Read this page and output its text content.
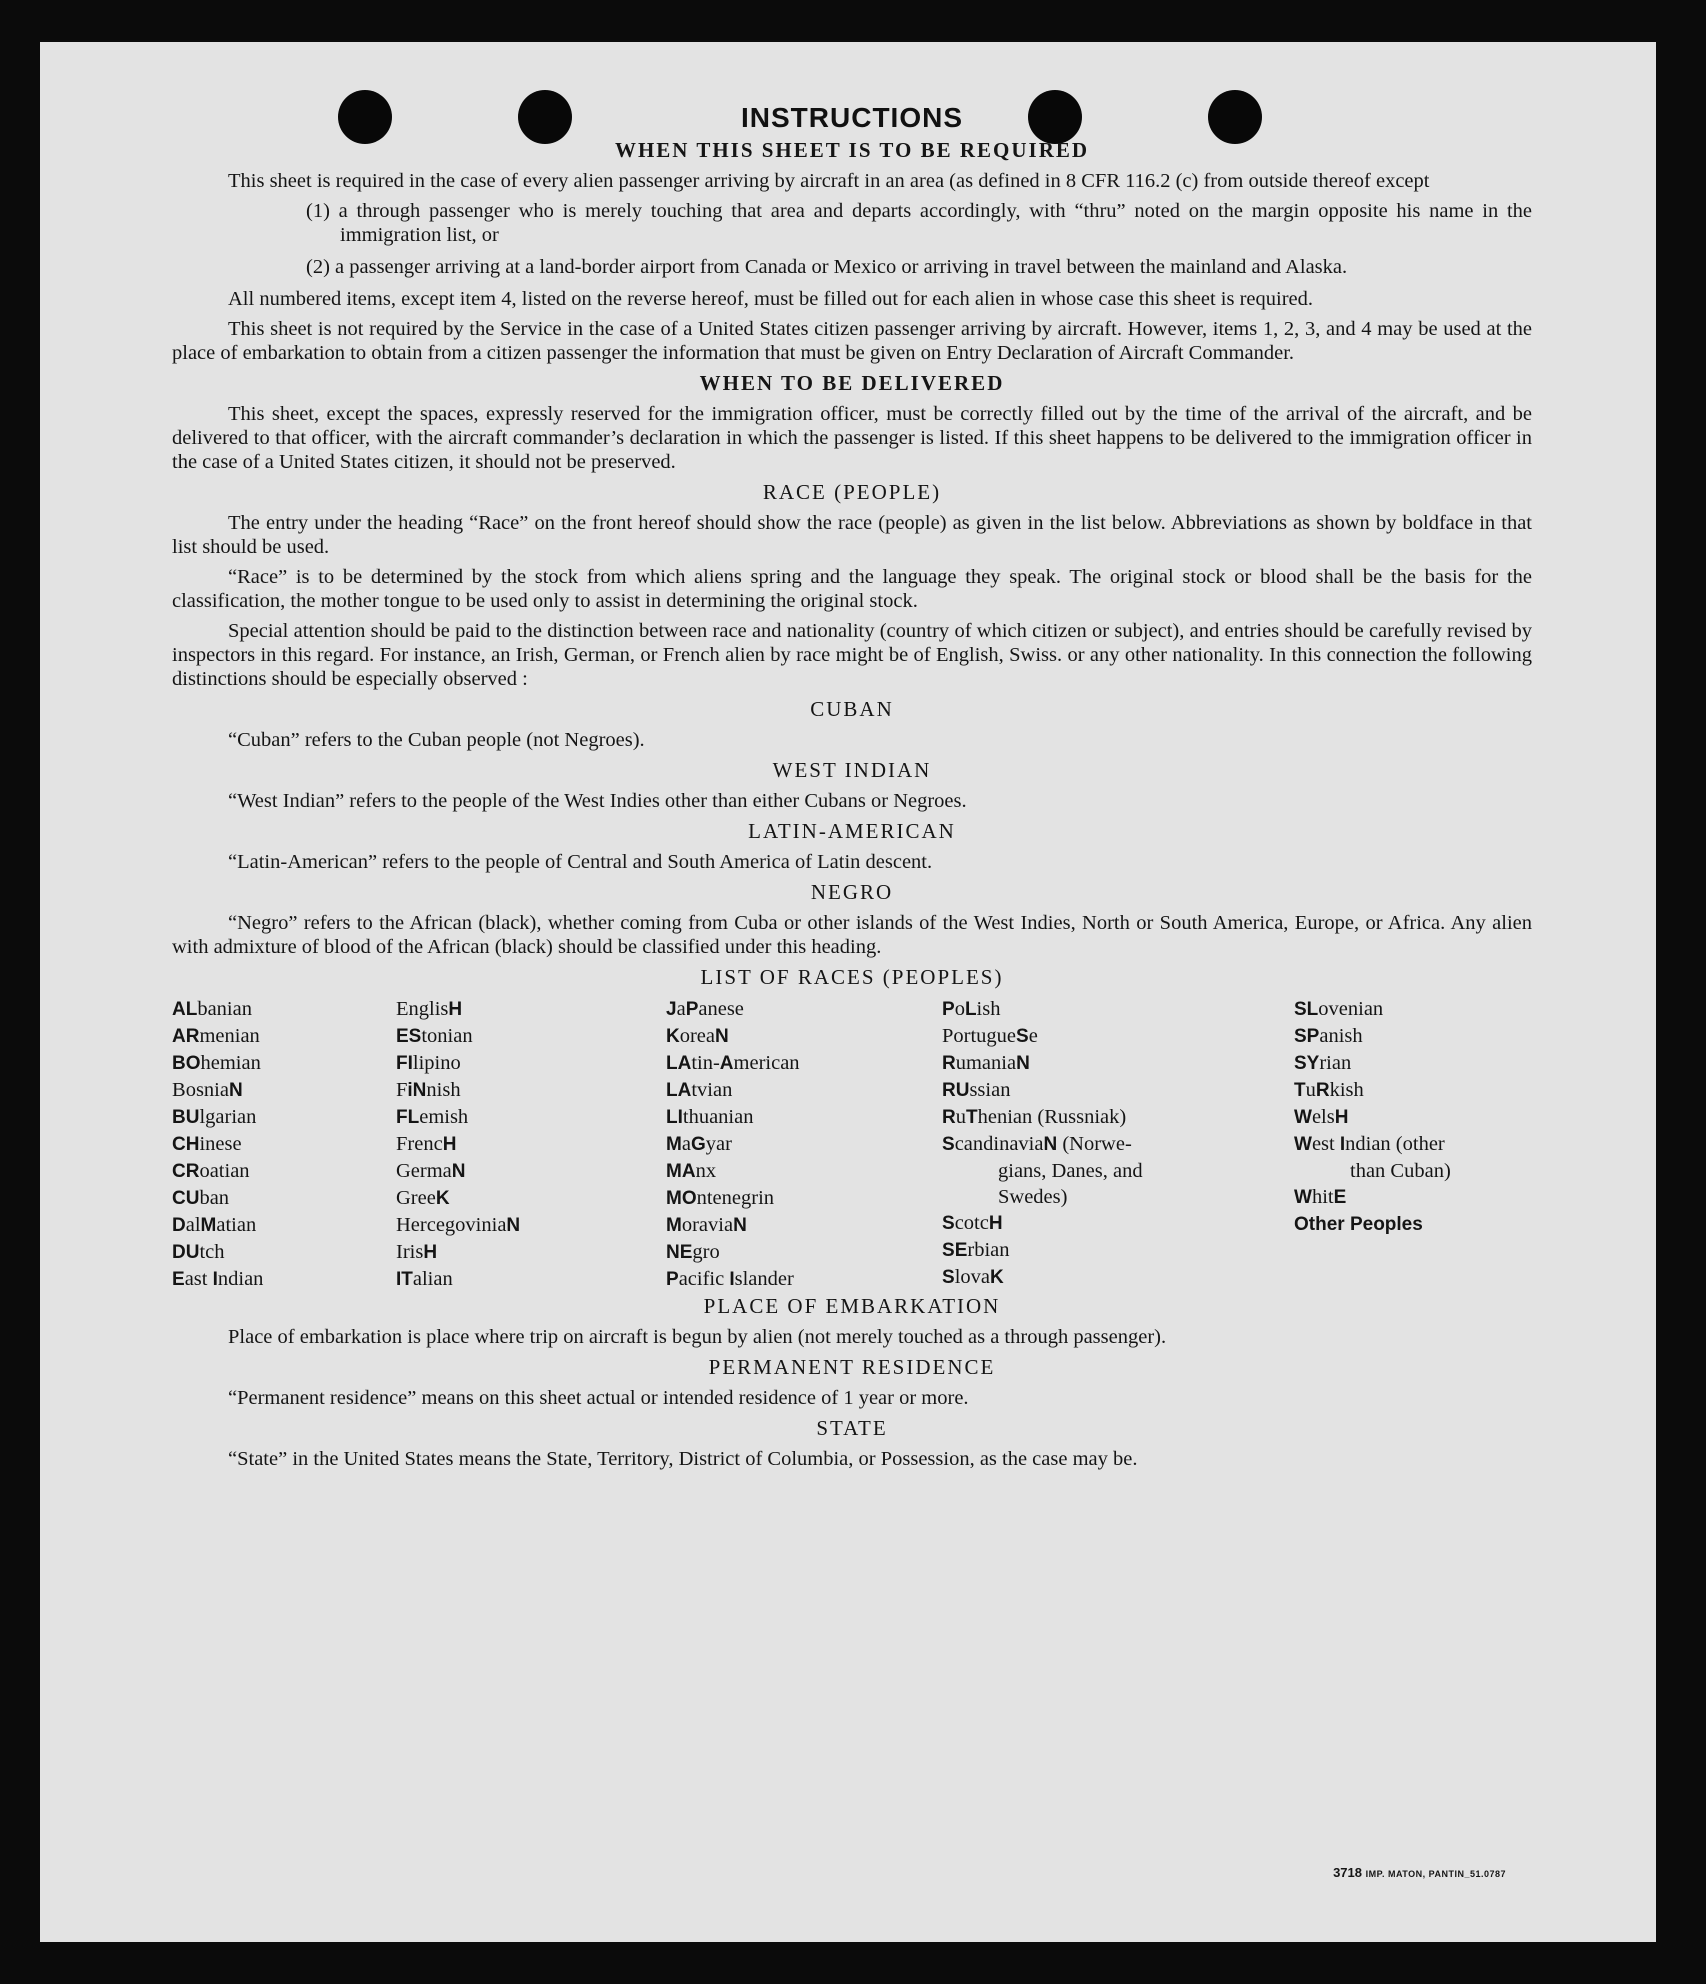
INSTRUCTIONS
WHEN THIS SHEET IS TO BE REQUIRED

This sheet is required in the case of every alien passenger arriving by aircraft in an area (as defined in 8 CFR 116.2 (c) from outside thereof except

(1) a through passenger who is merely touching that area and departs accordingly, with “thru” noted on the margin opposite his name in the immigration list, or

(2) a passenger arriving at a land-border airport from Canada or Mexico or arriving in travel between the mainland and Alaska.

All numbered items, except item 4, listed on the reverse hereof, must be filled out for each alien in whose case this sheet is required.

This sheet is not required by the Service in the case of a United States citizen passenger arriving by aircraft. However, items 1, 2, 3, and 4 may be used at the place of embarkation to obtain from a citizen passenger the information that must be given on Entry Declaration of Aircraft Commander.

WHEN TO BE DELIVERED

This sheet, except the spaces, expressly reserved for the immigration officer, must be correctly filled out by the time of the arrival of the aircraft, and be delivered to that officer, with the aircraft commander’s declaration in which the passenger is listed. If this sheet happens to be delivered to the immigration officer in the case of a United States citizen, it should not be preserved.

RACE (PEOPLE)

The entry under the heading “Race” on the front hereof should show the race (people) as given in the list below. Abbreviations as shown by boldface in that list should be used.

“Race” is to be determined by the stock from which aliens spring and the language they speak. The original stock or blood shall be the basis for the classification, the mother tongue to be used only to assist in determining the original stock.

Special attention should be paid to the distinction between race and nationality (country of which citizen or subject), and entries should be carefully revised by inspectors in this regard. For instance, an Irish, German, or French alien by race might be of English, Swiss. or any other nationality. In this connection the following distinctions should be especially observed :

CUBAN

“Cuban” refers to the Cuban people (not Negroes).

WEST INDIAN

“West Indian” refers to the people of the West Indies other than either Cubans or Negroes.

LATIN-AMERICAN

“Latin-American” refers to the people of Central and South America of Latin descent.

NEGRO

“Negro” refers to the African (black), whether coming from Cuba or other islands of the West Indies, North or South America, Europe, or Africa. Any alien with admixture of blood of the African (black) should be classified under this heading.

LIST OF RACES (PEOPLES)
ALbanian
ARmenian
BOhemian
BosniaN
BUlgarian
CHinese
CRoatian
CUban
DalMatian
DUtch
East Indian
EnglisH
EStonian
FIlipino
FiNnish
FLemish
FrencH
GermaN
GreeK
HercegoviniaN
IrisH
ITalian
JaPanese
KoreaN
LAtin-American
LAtvian
LIthuanian
MaGyar
MAnx
MOntenegrin
MoraviaN
NEgro
Pacific Islander
PoLish
PortugueSe
RumaniaN
RUssian
RuThenian (Russniak)
ScandinaviaN (Norwe-
gians, Danes, and
Swedes)
ScotcH
SErbian
SlovaK
SLovenian
SPanish
SYrian
TuRkish
WelsH
West Indian (other
than Cuban)
WhitE
Other Peoples
PLACE OF EMBARKATION

Place of embarkation is place where trip on aircraft is begun by alien (not merely touched as a through passenger).

PERMANENT RESIDENCE

“Permanent residence” means on this sheet actual or intended residence of 1 year or more.

STATE

“State” in the United States means the State, Territory, District of Columbia, or Possession, as the case may be.

3718 IMP. MATON, PANTIN_51.0787
